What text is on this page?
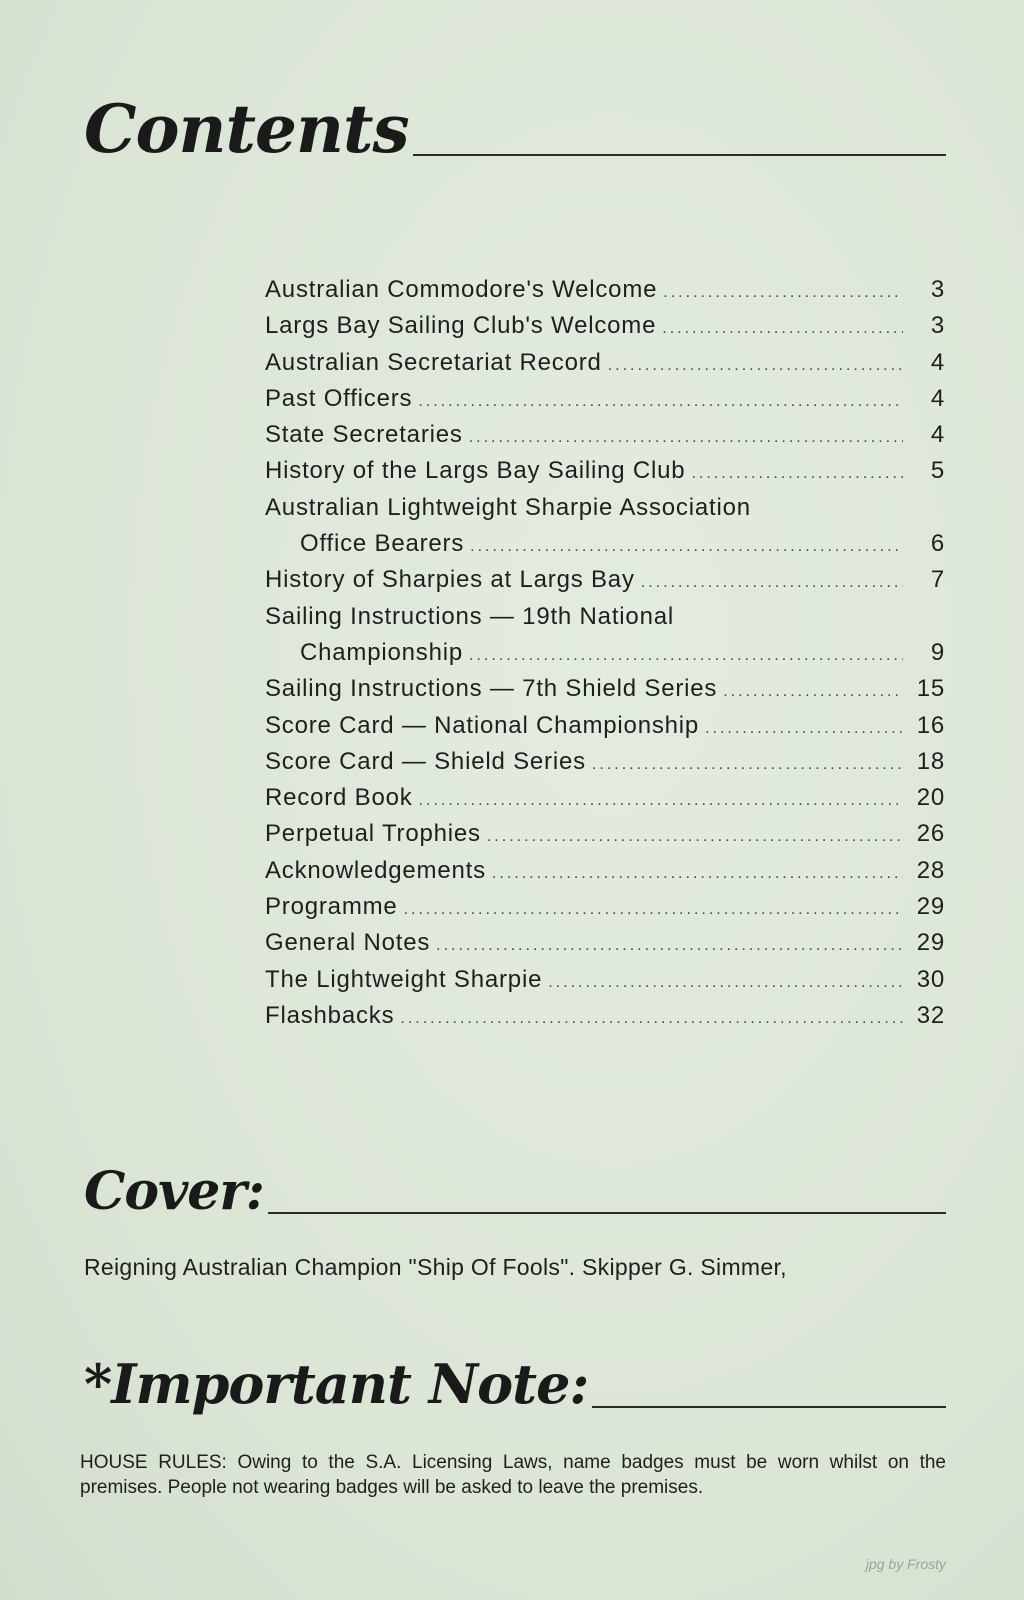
Contents
Australian Commodore's Welcome .....	3
Largs Bay Sailing Club's Welcome .....	3
Australian Secretariat Record .....	4
Past Officers .....	4
State Secretaries .....	4
History of the Largs Bay Sailing Club .....	5
Australian Lightweight Sharpie Association
Office Bearers .....	6
History of Sharpies at Largs Bay .....	7
Sailing Instructions — 19th National
Championship .....	9
Sailing Instructions — 7th Shield Series .....	15
Score Card — National Championship .....	16
Score Card — Shield Series .....	18
Record Book .....	20
Perpetual Trophies .....	26
Acknowledgements .....	28
Programme .....	29
General Notes .....	29
The Lightweight Sharpie .....	30
Flashbacks .....	32
Cover:
Reigning Australian Champion "Ship Of Fools". Skipper G. Simmer,
*Important Note:
HOUSE RULES: Owing to the S.A. Licensing Laws, name badges must be worn whilst on the premises. People not wearing badges will be asked to leave the premises.
jpg by Frosty
